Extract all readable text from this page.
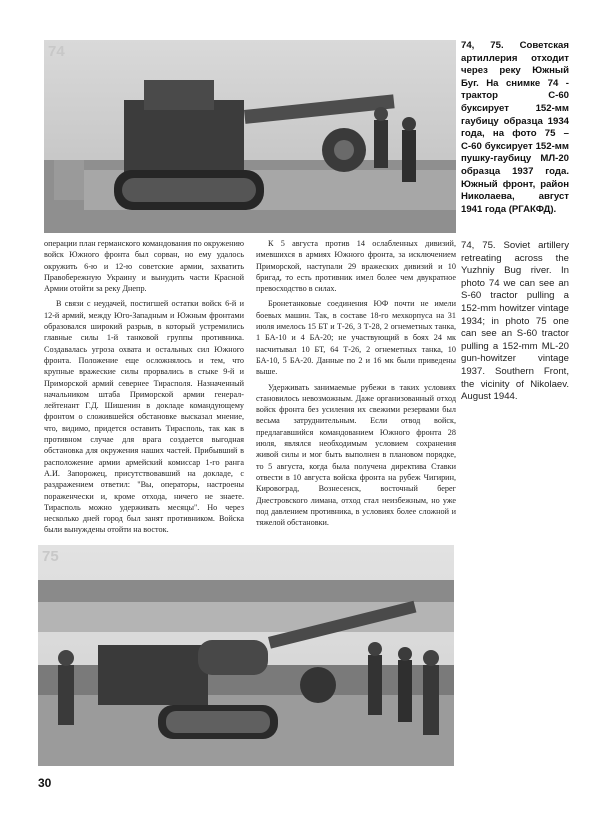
74	74, 75. Советская артиллерия отходит через реку Южный Буг. На снимке 74 - трактор С-60 буксирует 152-мм гаубицу образца 1934 года, на фото 75 – С-60 буксирует 152-мм пушку-гаубицу МЛ-20 образца 1937 года. Южный фронт, район Николаева, август 1941 года (РГАКФД).
74, 75. Soviet artillery retreating across the Yuzhniy Bug river. In photo 74 we can see an S-60 tractor pulling a 152-mm howitzer vintage 1934; in photo 75 one can see an S-60 tractor pulling a 152-mm ML-20 gun-howitzer vintage 1937. Southern Front, the vicinity of Nikolaev. August 1944.

операции план германского командования по окружению войск Южного фронта был сорван, но ему удалось окружить 6-ю и 12-ю советские армии, захватить Правобережную Украину и вынудить части Красной Армии отойти за реку Днепр.

В связи с неудачей, постигшей остатки войск 6-й и 12-й армий, между Юго-Западным и Южным фронтами образовался широкий разрыв, в который устремились главные силы 1-й танковой группы противника. Создавалась угроза охвата и остальных сил Южного фронта. Положение еще осложнялось и тем, что крупные вражеские силы прорвались в стыке 9-й и Приморской армий севернее Тирасполя. Назначенный начальником штаба Приморской армии генерал-лейтенант Г.Д. Шишенин в докладе командующему фронтом о сложившейся обстановке высказал мнение, что, видимо, придется оставить Тирасполь, так как в противном случае для врага создается выгодная обстановка для окружения наших частей. Прибывший в расположение армии армейский комиссар 1-го ранга А.И. Запорожец, присутствовавший на докладе, с раздражением ответил: "Вы, операторы, настроены пораженчески и, кроме отхода, ничего не знаете. Тирасполь можно удерживать месяцы". Но через несколько дней город был занят противником. Войска были вынуждены отойти на восток.

К 5 августа против 14 ослабленных дивизий, имевшихся в армиях Южного фронта, за исключением Приморской, наступали 29 вражеских дивизий и 10 бригад, то есть противник имел более чем двукратное превосходство в силах.

Бронетанковые соединения ЮФ почти не имели боевых машин. Так, в составе 18-го мехкорпуса на 31 июля имелось 15 БТ и Т-26, 3 Т-28, 2 огнеметных танка, 1 БА-10 и 4 БА-20; не участвующий в боях 24 мк насчитывал 10 БТ, 64 Т-26, 2 огнеметных танка, 10 БА-10, 5 БА-20. Данные по 2 и 16 мк были приведены выше.

Удерживать занимаемые рубежи в таких условиях становилось невозможным. Даже организованный отход войск фронта без усиления их свежими резервами был весьма затруднительным. Если отвод войск, предлагавшийся командованием Южного фронта 28 июля, являлся необходимым условием сохранения живой силы и мог быть выполнен в плановом порядке, то 5 августа, когда была получена директива Ставки отвести в 10 августа войска фронта на рубеж Чигирин, Кировоград, Вознесенск, восточный берег Днестровского лимана, отход стал неизбежным, но уже под давлением противника, в условиях более сложной и тяжелой обстановки.

75
30
